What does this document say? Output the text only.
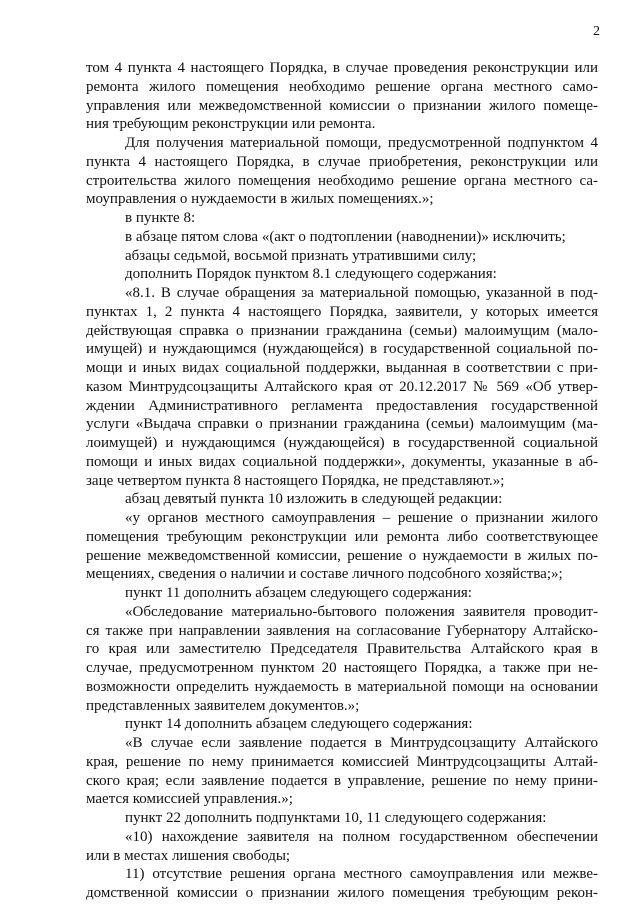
2
том 4 пункта 4 настоящего Порядка, в случае проведения реконструкции или
ремонта жилого помещения необходимо решение органа местного само-
управления или межведомственной комиссии о признании жилого помеще-
ния требующим реконструкции или ремонта.
Для получения материальной помощи, предусмотренной подпунктом 4
пункта 4 настоящего Порядка, в случае приобретения, реконструкции или
строительства жилого помещения необходимо решение органа местного са-
моуправления о нуждаемости в жилых помещениях.»;
в пункте 8:
в абзаце пятом слова «(акт о подтоплении (наводнении)» исключить;
абзацы седьмой, восьмой признать утратившими силу;
дополнить Порядок пунктом 8.1 следующего содержания:
«8.1. В случае обращения за материальной помощью, указанной в под-
пунктах 1, 2 пункта 4 настоящего Порядка, заявители, у которых имеется
действующая справка о признании гражданина (семьи) малоимущим (мало-
имущей) и нуждающимся (нуждающейся) в государственной социальной по-
мощи и иных видах социальной поддержки, выданная в соответствии с при-
казом Минтрудсоцзащиты Алтайского края от 20.12.2017 № 569 «Об утвер-
ждении Административного регламента предоставления государственной
услуги «Выдача справки о признании гражданина (семьи) малоимущим (ма-
лоимущей) и нуждающимся (нуждающейся) в государственной социальной
помощи и иных видах социальной поддержки», документы, указанные в аб-
заце четвертом пункта 8 настоящего Порядка, не представляют.»;
абзац девятый пункта 10 изложить в следующей редакции:
«у органов местного самоуправления – решение о признании жилого
помещения требующим реконструкции или ремонта либо соответствующее
решение межведомственной комиссии, решение о нуждаемости в жилых по-
мещениях, сведения о наличии и составе личного подсобного хозяйства;»;
пункт 11 дополнить абзацем следующего содержания:
«Обследование материально-бытового положения заявителя проводит-
ся также при направлении заявления на согласование Губернатору Алтайско-
го края или заместителю Председателя Правительства Алтайского края в
случае, предусмотренном пунктом 20 настоящего Порядка, а также при не-
возможности определить нуждаемость в материальной помощи на основании
представленных заявителем документов.»;
пункт 14 дополнить абзацем следующего содержания:
«В случае если заявление подается в Минтрудсоцзащиту Алтайского
края, решение по нему принимается комиссией Минтрудсоцзащиты Алтай-
ского края; если заявление подается в управление, решение по нему прини-
мается комиссией управления.»;
пункт 22 дополнить подпунктами 10, 11 следующего содержания:
«10) нахождение заявителя на полном государственном обеспечении
или в местах лишения свободы;
11) отсутствие решения органа местного самоуправления или межве-
домственной комиссии о признании жилого помещения требующим рекон-
